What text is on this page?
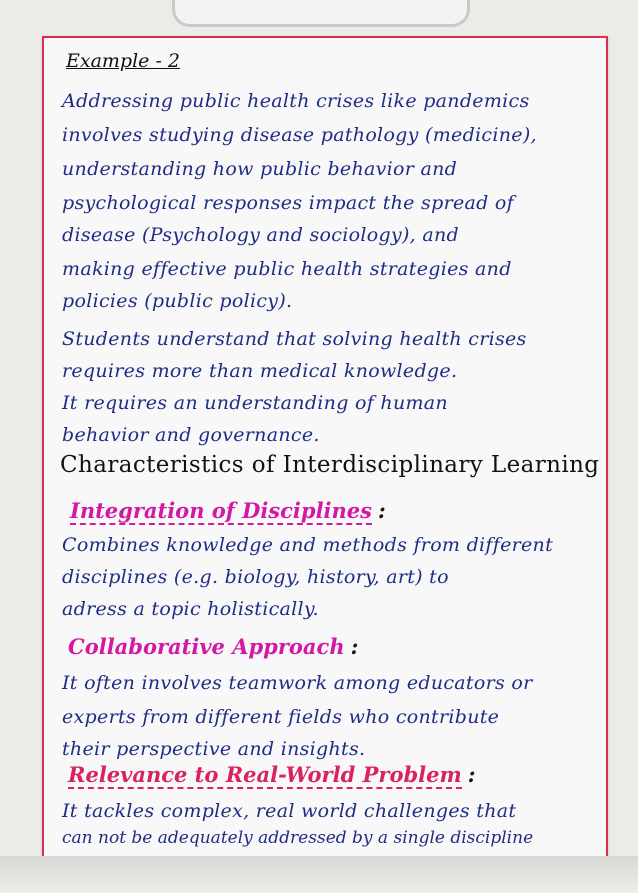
Example - 2
Addressing public health crises like pandemics
involves studying disease pathology (medicine),
understanding how public behavior and
psychological responses impact the spread of
disease (Psychology and sociology), and
making effective public health strategies and
policies (public policy).
Students understand that solving health crises
requires more than medical knowledge.
It requires an understanding of human
behavior and governance.
Characteristics of Interdisciplinary Learning
Integration of Disciplines :
Combines knowledge and methods from different
disciplines (e.g. biology, history, art) to
adress a topic holistically.
Collaborative Approach :
It often involves teamwork among educators or
experts from different fields who contribute
their perspective and insights.
Relevance to Real-World Problem :
It tackles complex, real world challenges that
can not be adequately addressed by a single discipline
